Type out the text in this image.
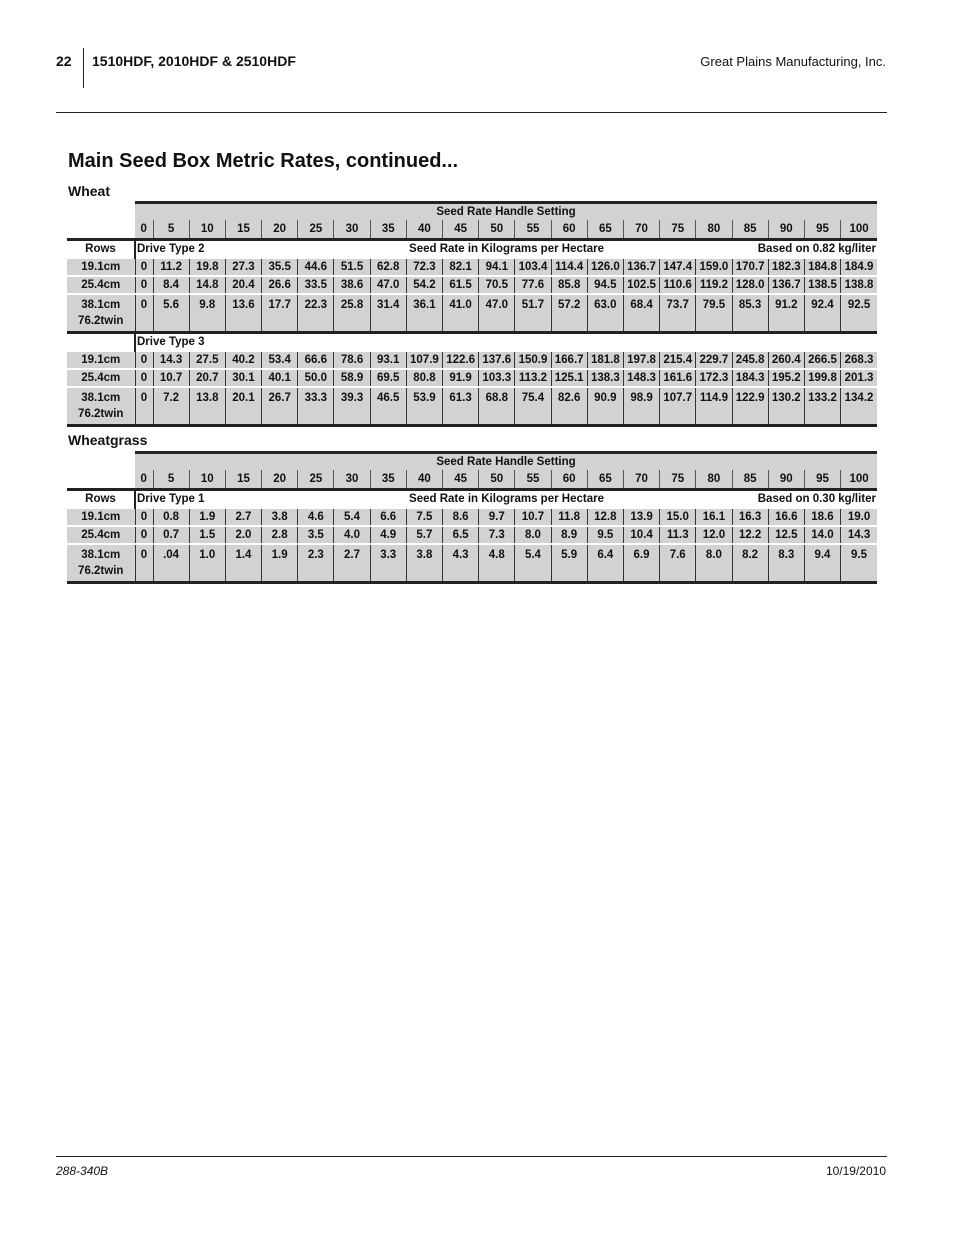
22 1510HDF, 2010HDF & 2510HDF	Great Plains Manufacturing, Inc.
Main Seed Box Metric Rates, continued...
Wheat
	Seed Rate Handle Setting																				
	0	5	10	15	20	25	30	35	40	45	50	55	60	65	70	75	80	85	90	95	100
Rows	Drive Type 2 Seed Rate in Kilograms per Hectare Based on 0.82 kg/liter																				

19.1cm	0	11.2	19.8	27.3	35.5	44.6	51.5	62.8	72.3	82.1	94.1	103.4	114.4	126.0	136.7	147.4	159.0	170.7	182.3	184.8	184.9

25.4cm	0	8.4	14.8	20.4	26.6	33.5	38.6	47.0	54.2	61.5	70.5	77.6	85.8	94.5	102.5	110.6	119.2	128.0	136.7	138.5	138.8

38.1cm
76.2twin	0	5.6	9.8	13.6	17.7	22.3	25.8	31.4	36.1	41.0	47.0	51.7	57.2	63.0	68.4	73.7	79.5	85.3	91.2	92.4	92.5

	Drive Type 3																				

19.1cm	0	14.3	27.5	40.2	53.4	66.6	78.6	93.1	107.9	122.6	137.6	150.9	166.7	181.8	197.8	215.4	229.7	245.8	260.4	266.5	268.3

25.4cm	0	10.7	20.7	30.1	40.1	50.0	58.9	69.5	80.8	91.9	103.3	113.2	125.1	138.3	148.3	161.6	172.3	184.3	195.2	199.8	201.3

38.1cm
76.2twin	0	7.2	13.8	20.1	26.7	33.3	39.3	46.5	53.9	61.3	68.8	75.4	82.6	90.9	98.9	107.7	114.9	122.9	130.2	133.2	134.2
Wheatgrass
	Seed Rate Handle Setting																				
	0	5	10	15	20	25	30	35	40	45	50	55	60	65	70	75	80	85	90	95	100
Rows	Drive Type 1 Seed Rate in Kilograms per Hectare Based on 0.30 kg/liter																				

19.1cm	0	0.8	1.9	2.7	3.8	4.6	5.4	6.6	7.5	8.6	9.7	10.7	11.8	12.8	13.9	15.0	16.1	16.3	16.6	18.6	19.0

25.4cm	0	0.7	1.5	2.0	2.8	3.5	4.0	4.9	5.7	6.5	7.3	8.0	8.9	9.5	10.4	11.3	12.0	12.2	12.5	14.0	14.3

38.1cm
76.2twin	0	.04	1.0	1.4	1.9	2.3	2.7	3.3	3.8	4.3	4.8	5.4	5.9	6.4	6.9	7.6	8.0	8.2	8.3	9.4	9.5
288-340B	10/19/2010
